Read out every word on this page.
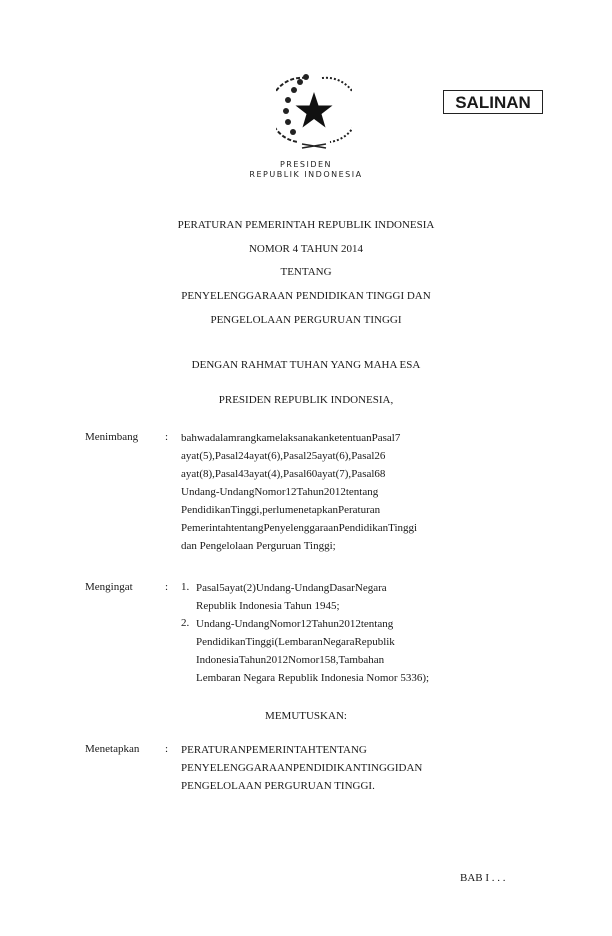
SALINAN
PRESIDEN
REPUBLIK INDONESIA
PERATURAN PEMERINTAH REPUBLIK INDONESIA
NOMOR 4 TAHUN 2014
TENTANG
PENYELENGGARAAN PENDIDIKAN TINGGI DAN
PENGELOLAAN PERGURUAN TINGGI
DENGAN RAHMAT TUHAN YANG MAHA ESA
PRESIDEN REPUBLIK INDONESIA,
Menimbang : bahwadalamrangkamelaksanakanketentuanPasal7
ayat(5),Pasal24ayat(6),Pasal25ayat(6),Pasal26
ayat(8),Pasal43ayat(4),Pasal60ayat(7),Pasal68
Undang-UndangNomor12Tahun2012tentang
PendidikanTinggi,perlumenetapkanPeraturan
PemerintahtentangPenyelenggaraanPendidikanTinggi
dan Pengelolaan Perguruan Tinggi;
Mengingat	: 1. Pasal5ayat(2)Undang-UndangDasarNegara
Republik Indonesia Tahun 1945;
2. Undang-UndangNomor12Tahun2012tentang
PendidikanTinggi(LembaranNegaraRepublik
IndonesiaTahun2012Nomor158,Tambahan
Lembaran Negara Republik Indonesia Nomor 5336);
MEMUTUSKAN:
Menetapkan : PERATURANPEMERINTAHTENTANG
PENYELENGGARAANPENDIDIKANTINGGIDAN
PENGELOLAAN PERGURUAN TINGGI.
BAB I . . .
